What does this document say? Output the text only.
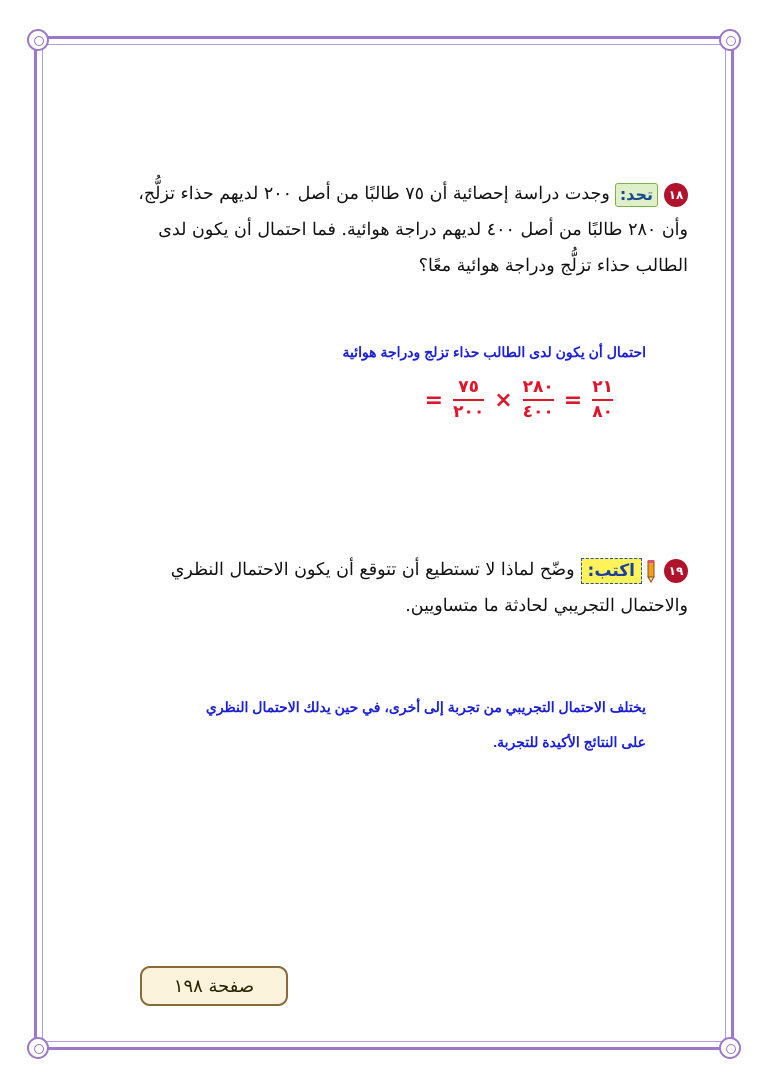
١٨تحد:وجدت دراسة إحصائية أن ٧٥ طالبًا من أصل ٢٠٠ لديهم حذاء تزلُّج،
وأن ٢٨٠ طالبًا من أصل ٤٠٠ لديهم دراجة هوائية. فما احتمال أن يكون لدى
الطالب حذاء تزلُّج ودراجة هوائية معًا؟
احتمال أن يكون لدى الطالب حذاء تزلج ودراجة هوائية
= $\frac{٧٥}{٢٠٠} \times \frac{٢٨٠}{٤٠٠} = \frac{٢١}{٨٠}$
١٩اكتب:وضّح لماذا لا تستطيع أن تتوقع أن يكون الاحتمال النظري
والاحتمال التجريبي لحادثة ما متساويين.
يختلف الاحتمال التجريبي من تجربة إلى أخرى، في حين يدلك الاحتمال النظري
على النتائج الأكيدة للتجربة.
صفحة ١٩٨
